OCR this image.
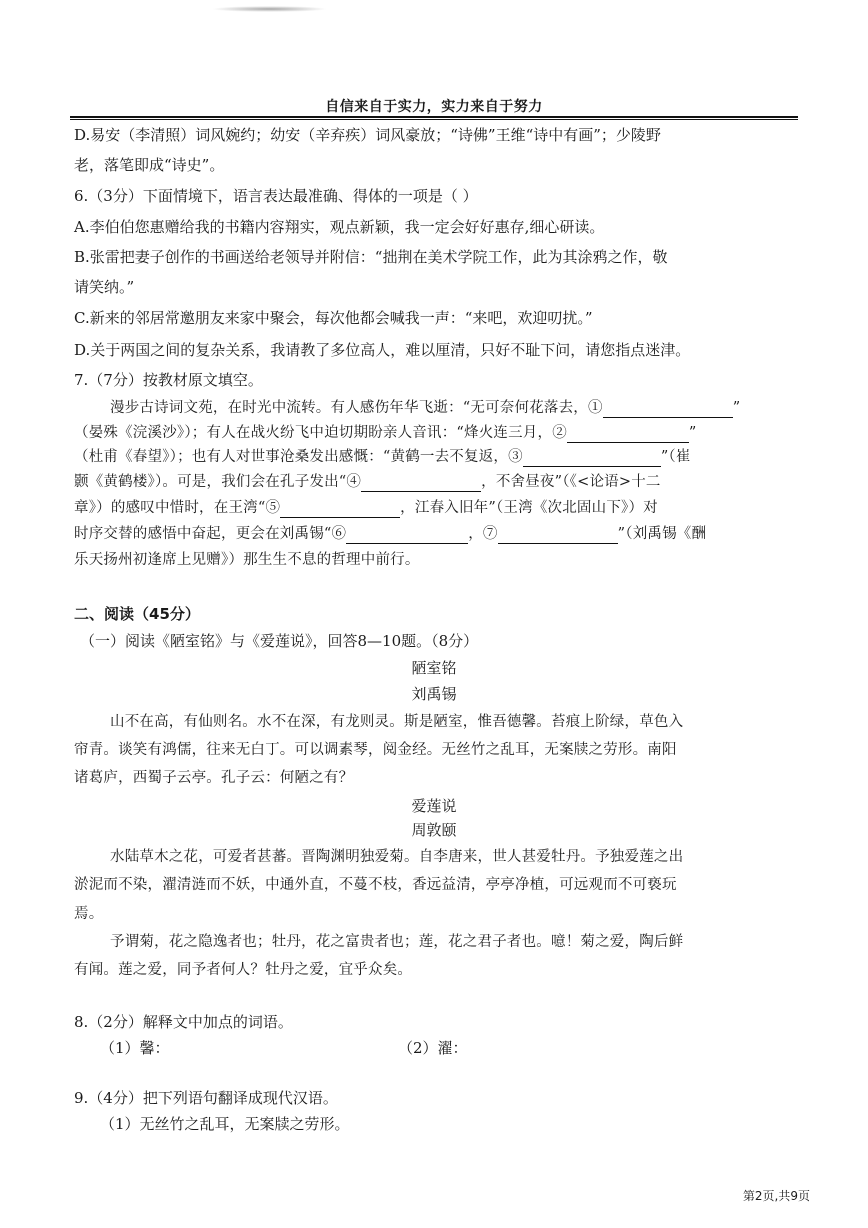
自信来自于实力，实力来自于努力
D.易安（李清照）词风婉约；幼安（辛弃疾）词风豪放；“诗佛”王维“诗中有画”；少陵野
老，落笔即成“诗史”。
6.（3分）下面情境下，语言表达最准确、得体的一项是（ ）
A.李伯伯您惠赠给我的书籍内容翔实，观点新颖，我一定会好好惠存,细心研读。
B.张雷把妻子创作的书画送给老领导并附信：“拙荆在美术学院工作，此为其涂鸦之作，敬
请笑纳。”
C.新来的邻居常邀朋友来家中聚会，每次他都会喊我一声：“来吧，欢迎叨扰。”
D.关于两国之间的复杂关系，我请教了多位高人，难以厘清，只好不耻下问，请您指点迷津。
7.（7分）按教材原文填空。
漫步古诗词文苑，在时光中流转。有人感伤年华飞逝：“无可奈何花落去，①	”
（晏殊《浣溪沙》）；有人在战火纷飞中迫切期盼亲人音讯：“烽火连三月，②	”
（杜甫《春望》）；也有人对世事沧桑发出感慨：“黄鹤一去不复返，③	”（崔
颢《黄鹤楼》）。可是，我们会在孔子发出“④	，不舍昼夜”（《<论语>十二
章》）的感叹中惜时，在王湾“⑤	，江春入旧年”（王湾《次北固山下》）对
时序交替的感悟中奋起，更会在刘禹锡“⑥	，⑦	”（刘禹锡《酬
乐天扬州初逢席上见赠》）那生生不息的哲理中前行。
二、阅读（45分）
（一）阅读《陋室铭》与《爱莲说》，回答8—10题。（8分）
陋室铭
刘禹锡
山不在高，有仙则名。水不在深，有龙则灵。斯是陋室，惟吾德馨。苔痕上阶绿，草色入
帘青。谈笑有鸿儒，往来无白丁。可以调素琴，阅金经。无丝竹之乱耳，无案牍之劳形。南阳
诸葛庐，西蜀子云亭。孔子云：何陋之有？
爱莲说
周敦颐
水陆草木之花，可爱者甚蕃。晋陶渊明独爱菊。自李唐来，世人甚爱牡丹。予独爱莲之出
淤泥而不染，濯清涟而不妖，中通外直，不蔓不枝，香远益清，亭亭净植，可远观而不可亵玩
焉。
予谓菊，花之隐逸者也；牡丹，花之富贵者也；莲，花之君子者也。噫！菊之爱，陶后鲜
有闻。莲之爱，同予者何人？牡丹之爱，宜乎众矣。
8.（2分）解释文中加点的词语。
（1）馨：	（2）濯：
9.（4分）把下列语句翻译成现代汉语。
（1）无丝竹之乱耳，无案牍之劳形。
第2页,共9页
